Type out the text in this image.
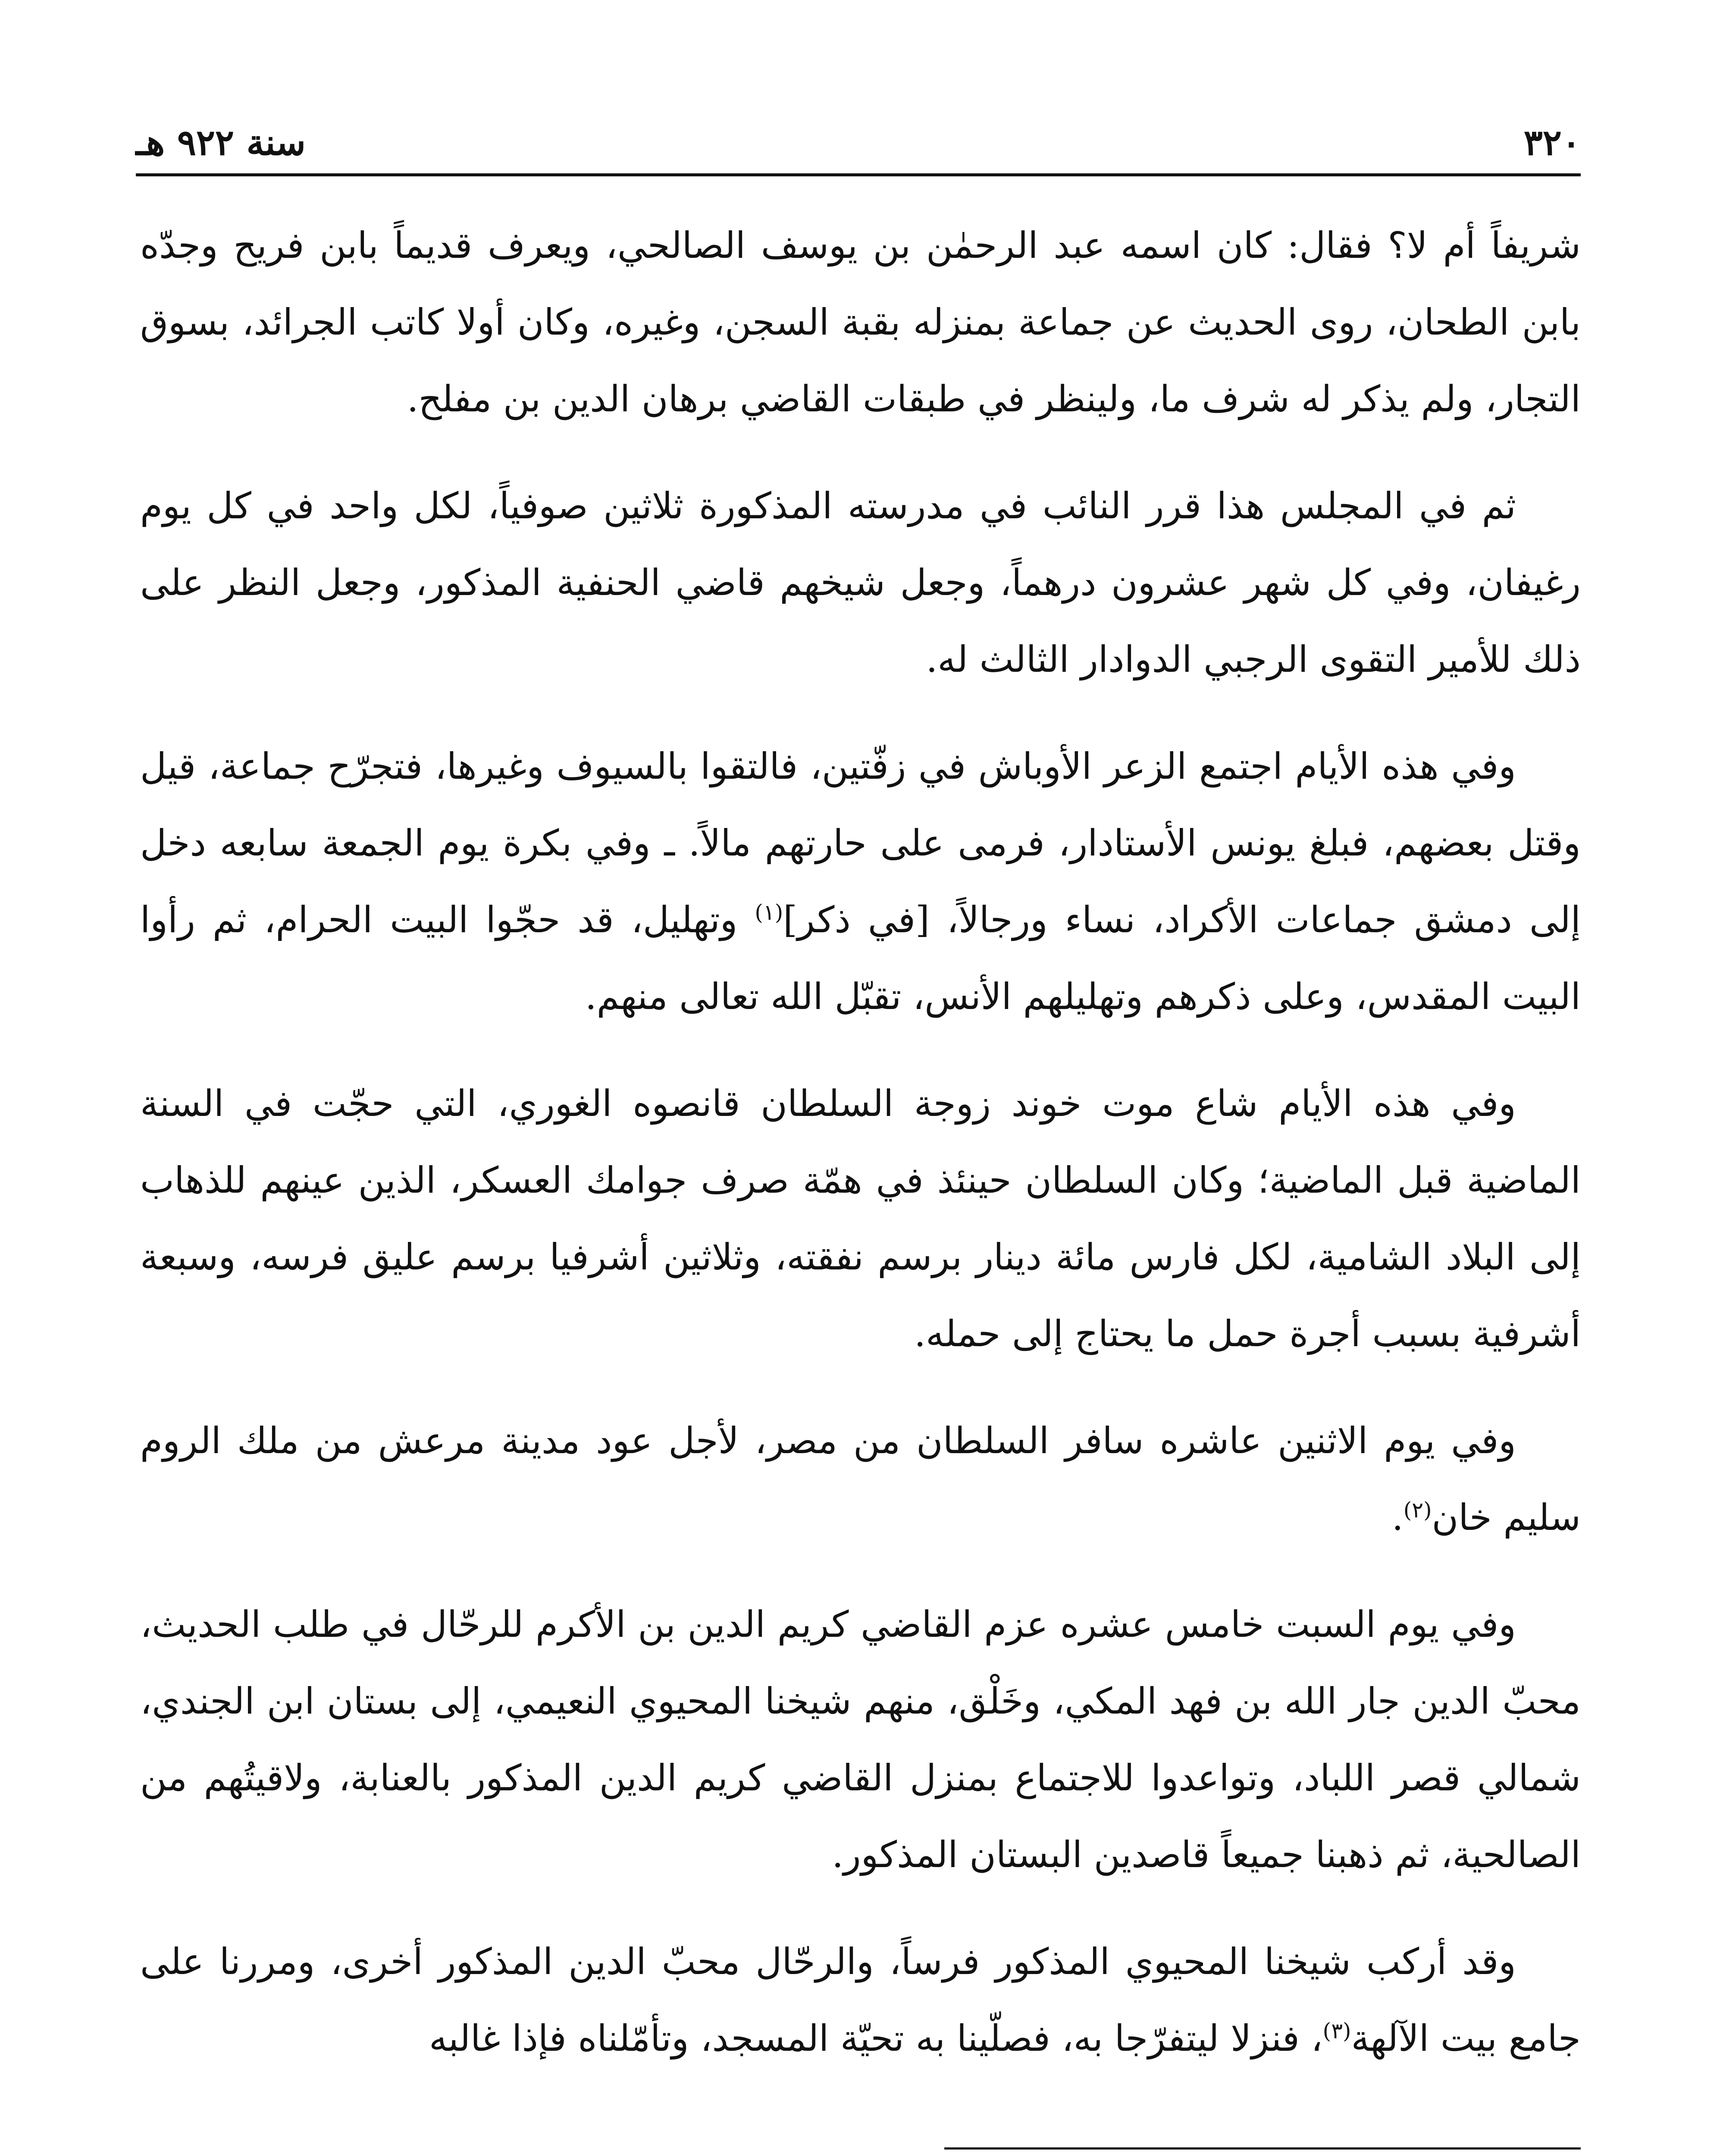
٣٢٠
سنة ٩٢٢ هـ

شريفاً أم لا؟ فقال: كان اسمه عبد الرحمٰن بن يوسف الصالحي، ويعرف قديماً بابن فريح وجدّه بابن الطحان، روى الحديث عن جماعة بمنزله بقبة السجن، وغيره، وكان أولا كاتب الجرائد، بسوق التجار، ولم يذكر له شرف ما، ولينظر في طبقات القاضي برهان الدين بن مفلح.

ثم في المجلس هذا قرر النائب في مدرسته المذكورة ثلاثين صوفياً، لكل واحد في كل يوم رغيفان، وفي كل شهر عشرون درهماً، وجعل شيخهم قاضي الحنفية المذكور، وجعل النظر على ذلك للأمير التقوى الرجبي الدوادار الثالث له.

وفي هذه الأيام اجتمع الزعر الأوباش في زفّتين، فالتقوا بالسيوف وغيرها، فتجرّح جماعة، قيل وقتل بعضهم، فبلغ يونس الأستادار، فرمى على حارتهم مالاً. ـ وفي بكرة يوم الجمعة سابعه دخل إلى دمشق جماعات الأكراد، نساء ورجالاً، [في ذكر]$^{(١)}$ وتهليل، قد حجّوا البيت الحرام، ثم رأوا البيت المقدس، وعلى ذكرهم وتهليلهم الأنس، تقبّل الله تعالى منهم.

وفي هذه الأيام شاع موت خوند زوجة السلطان قانصوه الغوري، التي حجّت في السنة الماضية قبل الماضية؛ وكان السلطان حينئذ في همّة صرف جوامك العسكر، الذين عينهم للذهاب إلى البلاد الشامية، لكل فارس مائة دينار برسم نفقته، وثلاثين أشرفيا برسم عليق فرسه، وسبعة أشرفية بسبب أجرة حمل ما يحتاج إلى حمله.

وفي يوم الاثنين عاشره سافر السلطان من مصر، لأجل عود مدينة مرعش من ملك الروم سليم خان$^{(٢)}$.

وفي يوم السبت خامس عشره عزم القاضي كريم الدين بن الأكرم للرحّال في طلب الحديث، محبّ الدين جار الله بن فهد المكي، وخَلْق، منهم شيخنا المحيوي النعيمي، إلى بستان ابن الجندي، شمالي قصر اللباد، وتواعدوا للاجتماع بمنزل القاضي كريم الدين المذكور بالعنابة، ولاقيتُهم من الصالحية، ثم ذهبنا جميعاً قاصدين البستان المذكور.

وقد أركب شيخنا المحيوي المذكور فرساً، والرحّال محبّ الدين المذكور أخرى، ومررنا على جامع بيت الآلهة$^{(٣)}$، فنزلا ليتفرّجا به، فصلّينا به تحيّة المسجد، وتأمّلناه فإذا غالبه
